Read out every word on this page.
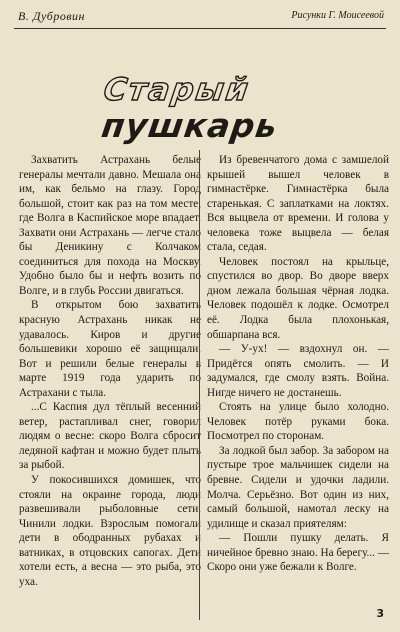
В. Дубровин	Рисунки Г. Моисеевой
Старый
пушкарь

Захватить Астрахань белые генералы мечтали давно. Мешала она им, как бельмо на глазу. Город большой, стоит как раз на том месте, где Волга в Каспийское море впадает. Захвати они Астрахань — легче стало бы Деникину с Колчаком соединиться для похода на Москву. Удобно было бы и нефть возить по Волге, и в глубь России двигаться.

В открытом бою захватить красную Астрахань никак не удавалось. Киров и другие большевики хорошо её защищали. Вот и решили белые генералы в марте 1919 года ударить по Астрахани с тыла.

...С Каспия дул тёплый весенний ветер, растапливал снег, говорил людям о весне: скоро Волга сбросит ледяной кафтан и можно будет плыть за рыбой.

У покосившихся домишек, что стояли на окраине города, люди развешивали рыболовные сети. Чинили лодки. Взрослым помогали дети в ободранных рубахах и ватниках, в отцовских сапогах. Дети хотели есть, а весна — это рыба, это уха.

Из бревенчатого дома с замшелой крышей вышел человек в гимнастёрке. Гимнастёрка была старенькая. С заплатками на локтях. Вся выцвела от времени. И голова у человека тоже выцвела — белая стала, седая.

Человек постоял на крыльце, спустился во двор. Во дворе вверх дном лежала большая чёрная лодка. Человек подошёл к лодке. Осмотрел её. Лодка была плохонькая, обшарпана вся.

— У-ух! — вздохнул он. — Придётся опять смолить. — И задумался, где смолу взять. Война. Нигде ничего не достанешь.

Стоять на улице было холодно. Человек потёр руками бока. Посмотрел по сторонам.

За лодкой был забор. За забором на пустыре трое мальчишек сидели на бревне. Сидели и удочки ладили. Молча. Серьёзно. Вот один из них, самый большой, намотал леску на удилище и сказал приятелям:

— Пошли пушку делать. Я ничейное бревно знаю. На берегу... — Скоро они уже бежали к Волге.

3
